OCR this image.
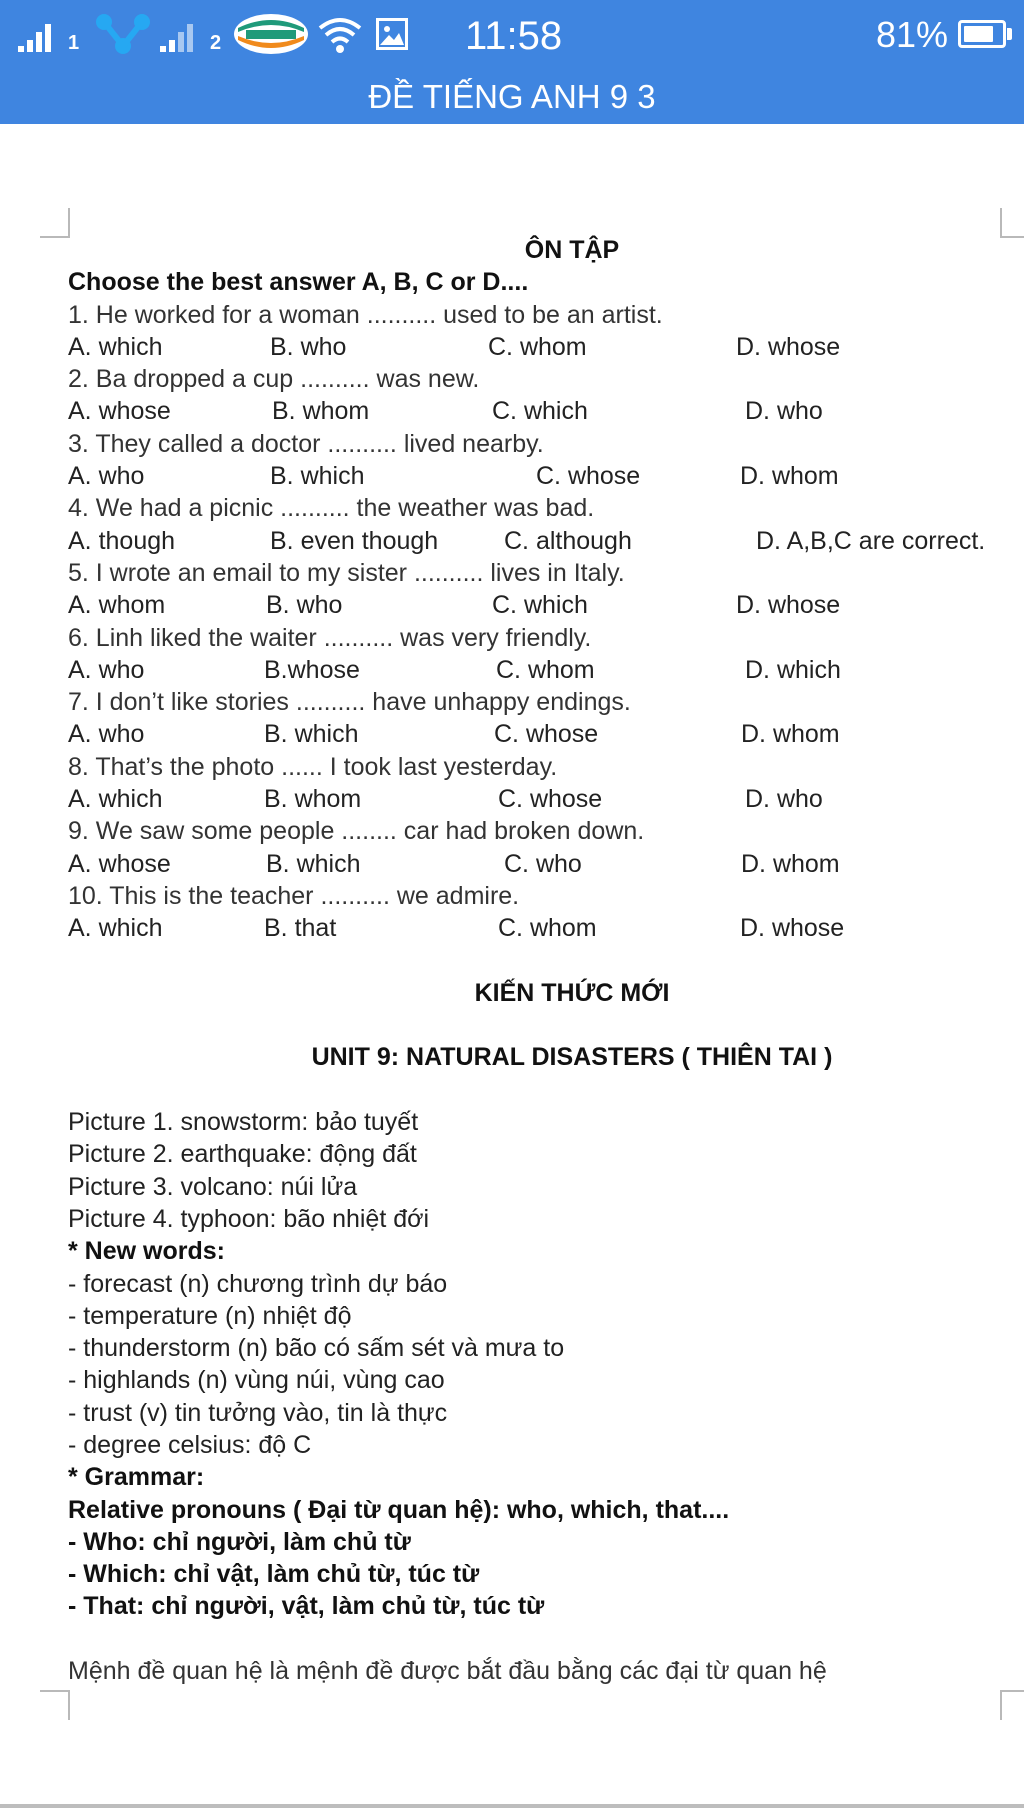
1	2	11:58	81%
ĐỀ TIẾNG ANH 9 3
ÔN TẬP
Choose the best answer A, B, C or D....
1. He worked for a woman .......... used to be an artist.
A. which	B. who	C. whom	D. whose
2. Ba dropped a cup .......... was new.
A. whose	B. whom	C. which	D. who
3. They called a doctor .......... lived nearby.
A. who	B. which	C. whose	D. whom
4. We had a picnic .......... the weather was bad.
A. though	B. even though	C. although	D. A,B,C are correct.
5. I wrote an email to my sister .......... lives in Italy.
A. whom	B. who	C. which	D. whose
6. Linh liked the waiter .......... was very friendly.
A. who	B.whose	C. whom	D. which
7. I don’t like stories .......... have unhappy endings.
A. who	B. which	C. whose	D. whom
8. That’s the photo ...... I took last yesterday.
A. which	B. whom	C. whose	D. who
9. We saw some people ........ car had broken down.
A. whose	B. which	C. who	D. whom
10. This is the teacher .......... we admire.
A. which	B. that	C. whom	D. whose
KIẾN THỨC MỚI
UNIT 9: NATURAL DISASTERS ( THIÊN TAI )
Picture 1. snowstorm: bảo tuyết
Picture 2. earthquake: động đất
Picture 3. volcano: núi lửa
Picture 4. typhoon: bão nhiệt đới
* New words:
- forecast (n) chương trình dự báo
- temperature (n) nhiệt độ
- thunderstorm (n) bão có sấm sét và mưa to
- highlands (n) vùng núi, vùng cao
- trust (v) tin tưởng vào, tin là thực
- degree celsius: độ C
* Grammar:
Relative pronouns ( Đại từ quan hệ): who, which, that....
- Who: chỉ người, làm chủ từ
- Which: chỉ vật, làm chủ từ, túc từ
- That: chỉ người, vật, làm chủ từ, túc từ
Mệnh đề quan hệ là mệnh đề được bắt đầu bằng các đại từ quan hệ
